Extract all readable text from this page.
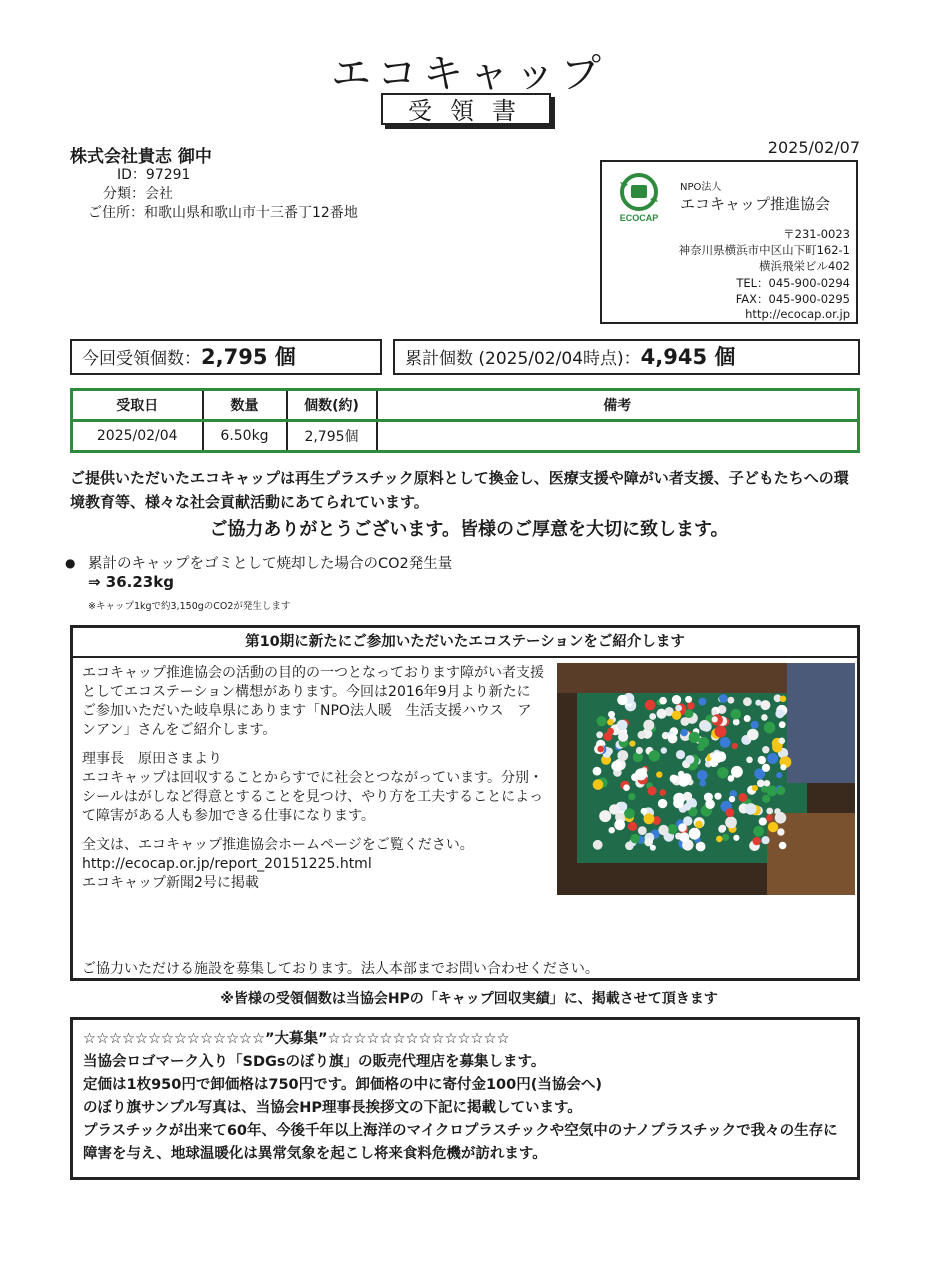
エコキャップ
受領書
2025/02/07
株式会社貴志 御中
ID：97291
分類：会社
ご住所：和歌山県和歌山市十三番丁12番地	ECOCAP
NPO法人
エコキャップ推進協会
〒231-0023
神奈川県横浜市中区山下町162-1
横浜飛栄ビル402
TEL：045-900-0294
FAX：045-900-0295
http://ecocap.or.jp
今回受領個数：2,795 個	累計個数 (2025/02/04時点)：4,945 個
受取日	数量	個数(約)	備考
2025/02/04	6.50kg	2,795個	
ご提供いただいたエコキャップは再生プラスチック原料として換金し、医療支援や障がい者支援、子どもたちへの環境教育等、様々な社会貢献活動にあてられています。
ご協力ありがとうございます。皆様のご厚意を大切に致します。
● 累計のキャップをゴミとして焼却した場合のCO2発生量
⇒ 36.23kg
※キャップ1kgで約3,150gのCO2が発生します
第10期に新たにご参加いただいたエコステーションをご紹介します

エコキャップ推進協会の活動の目的の一つとなっております障がい者支援としてエコステーション構想があります。今回は2016年9月より新たにご参加いただいた岐阜県にあります「NPO法人暖　生活支援ハウス　アンアン」さんをご紹介します。

理事長　原田さまより

エコキャップは回収することからすでに社会とつながっています。分別・シールはがしなど得意とすることを見つけ、やり方を工夫することによって障害がある人も参加できる仕事になります。

全文は、エコキャップ推進協会ホームページをご覧ください。
http://ecocap.or.jp/report_20151225.html
エコキャップ新聞2号に掲載
ご協力いただける施設を募集しております。法人本部までお問い合わせください。
※皆様の受領個数は当協会HPの「キャップ回収実績」に、掲載させて頂きます
☆☆☆☆☆☆☆☆☆☆☆☆☆☆”大募集”☆☆☆☆☆☆☆☆☆☆☆☆☆☆
当協会ロゴマーク入り「SDGsのぼり旗」の販売代理店を募集します。
定価は1枚950円で卸価格は750円です。卸価格の中に寄付金100円(当協会へ)
のぼり旗サンプル写真は、当協会HP理事長挨拶文の下記に掲載しています。
プラスチックが出来て60年、今後千年以上海洋のマイクロプラスチックや空気中のナノプラスチックで我々の生存に障害を与え、地球温暖化は異常気象を起こし将来食料危機が訪れます。
